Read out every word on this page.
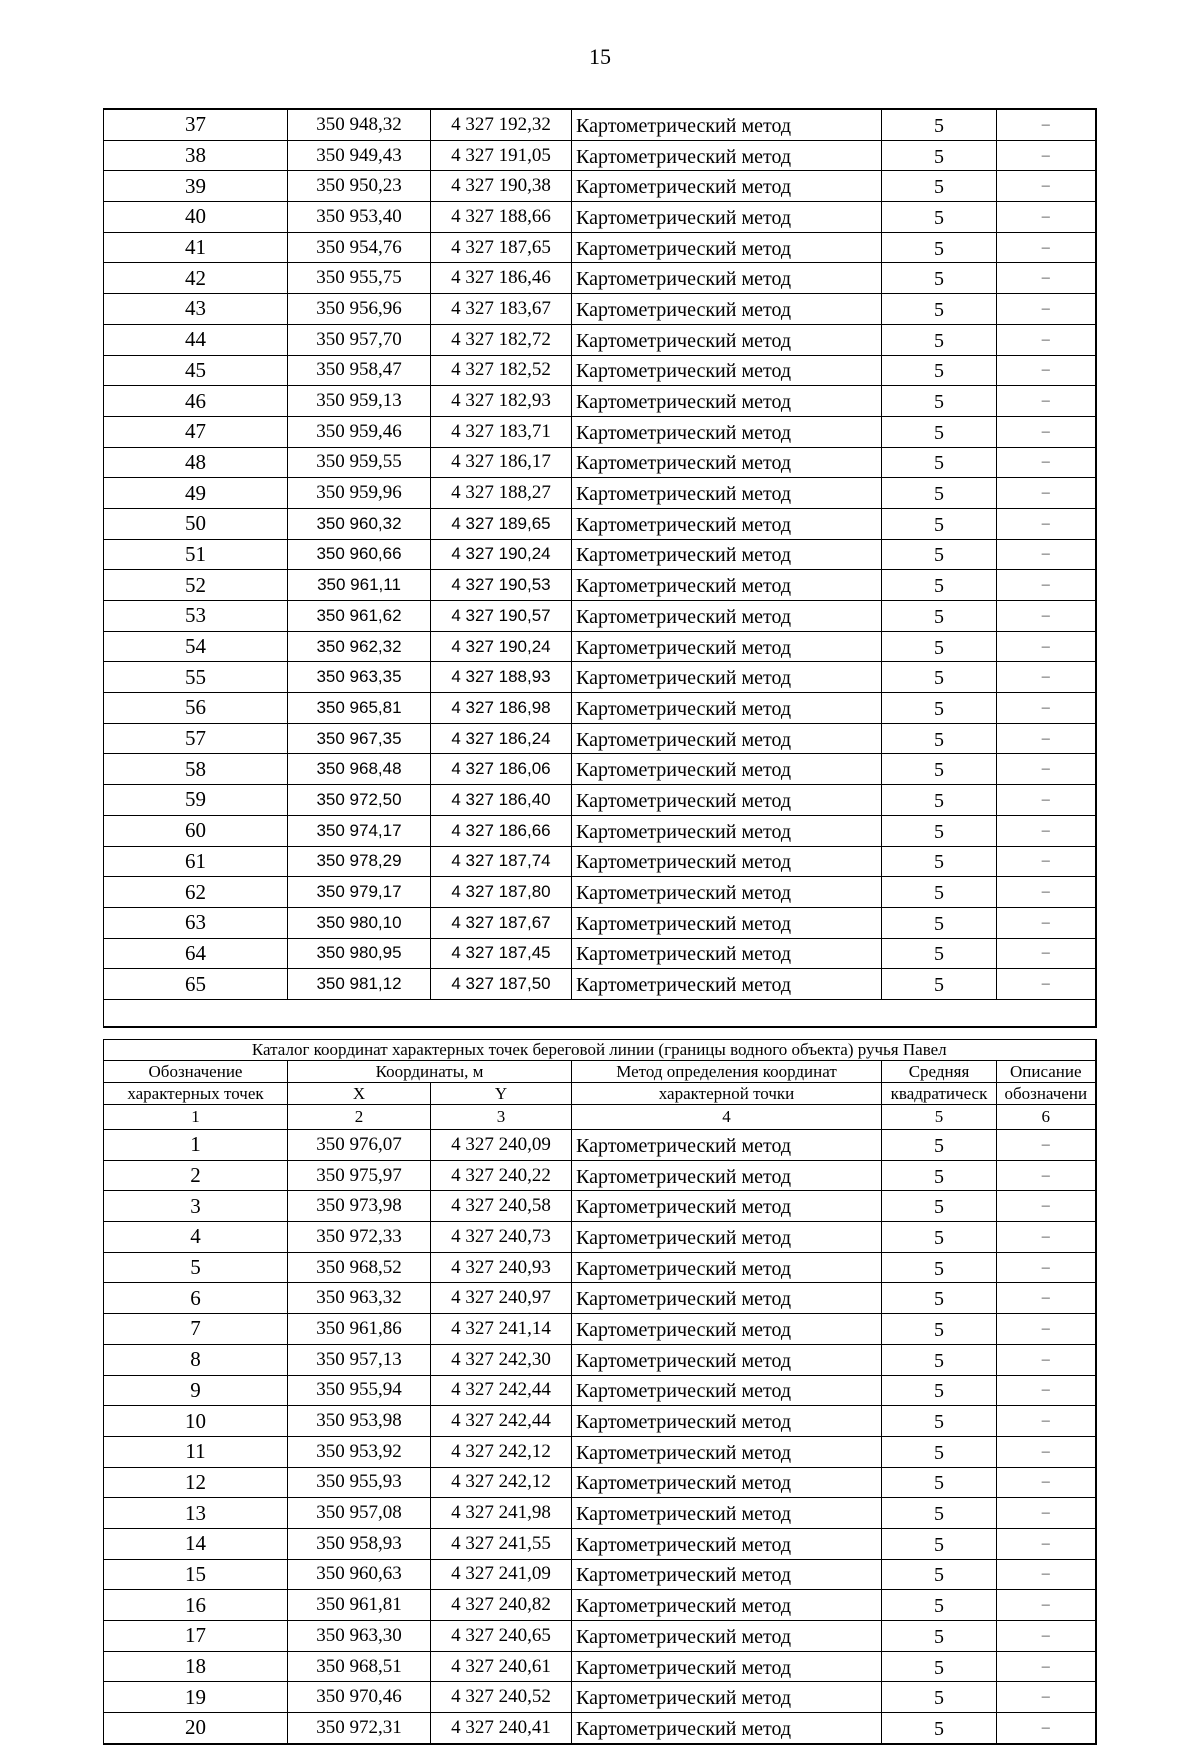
15
37	350 948,32	4 327 192,32	Картометрический метод	5	–
38	350 949,43	4 327 191,05	Картометрический метод	5	–
39	350 950,23	4 327 190,38	Картометрический метод	5	–
40	350 953,40	4 327 188,66	Картометрический метод	5	–
41	350 954,76	4 327 187,65	Картометрический метод	5	–
42	350 955,75	4 327 186,46	Картометрический метод	5	–
43	350 956,96	4 327 183,67	Картометрический метод	5	–
44	350 957,70	4 327 182,72	Картометрический метод	5	–
45	350 958,47	4 327 182,52	Картометрический метод	5	–
46	350 959,13	4 327 182,93	Картометрический метод	5	–
47	350 959,46	4 327 183,71	Картометрический метод	5	–
48	350 959,55	4 327 186,17	Картометрический метод	5	–
49	350 959,96	4 327 188,27	Картометрический метод	5	–
50	350 960,32	4 327 189,65	Картометрический метод	5	–
51	350 960,66	4 327 190,24	Картометрический метод	5	–
52	350 961,11	4 327 190,53	Картометрический метод	5	–
53	350 961,62	4 327 190,57	Картометрический метод	5	–
54	350 962,32	4 327 190,24	Картометрический метод	5	–
55	350 963,35	4 327 188,93	Картометрический метод	5	–
56	350 965,81	4 327 186,98	Картометрический метод	5	–
57	350 967,35	4 327 186,24	Картометрический метод	5	–
58	350 968,48	4 327 186,06	Картометрический метод	5	–
59	350 972,50	4 327 186,40	Картометрический метод	5	–
60	350 974,17	4 327 186,66	Картометрический метод	5	–
61	350 978,29	4 327 187,74	Картометрический метод	5	–
62	350 979,17	4 327 187,80	Картометрический метод	5	–
63	350 980,10	4 327 187,67	Картометрический метод	5	–
64	350 980,95	4 327 187,45	Картометрический метод	5	–
65	350 981,12	4 327 187,50	Картометрический метод	5	–

Каталог координат характерных точек береговой линии (границы водного объекта) ручья Павел					
Обозначение	Координаты, м		Метод определения координат	Средняя	Описание
характерных точек	X	Y	характерной точки	квадратическ	обозначени
1	2	3	4	5	6
1	350 976,07	4 327 240,09	Картометрический метод	5	–
2	350 975,97	4 327 240,22	Картометрический метод	5	–
3	350 973,98	4 327 240,58	Картометрический метод	5	–
4	350 972,33	4 327 240,73	Картометрический метод	5	–
5	350 968,52	4 327 240,93	Картометрический метод	5	–
6	350 963,32	4 327 240,97	Картометрический метод	5	–
7	350 961,86	4 327 241,14	Картометрический метод	5	–
8	350 957,13	4 327 242,30	Картометрический метод	5	–
9	350 955,94	4 327 242,44	Картометрический метод	5	–
10	350 953,98	4 327 242,44	Картометрический метод	5	–
11	350 953,92	4 327 242,12	Картометрический метод	5	–
12	350 955,93	4 327 242,12	Картометрический метод	5	–
13	350 957,08	4 327 241,98	Картометрический метод	5	–
14	350 958,93	4 327 241,55	Картометрический метод	5	–
15	350 960,63	4 327 241,09	Картометрический метод	5	–
16	350 961,81	4 327 240,82	Картометрический метод	5	–
17	350 963,30	4 327 240,65	Картометрический метод	5	–
18	350 968,51	4 327 240,61	Картометрический метод	5	–
19	350 970,46	4 327 240,52	Картометрический метод	5	–
20	350 972,31	4 327 240,41	Картометрический метод	5	–
